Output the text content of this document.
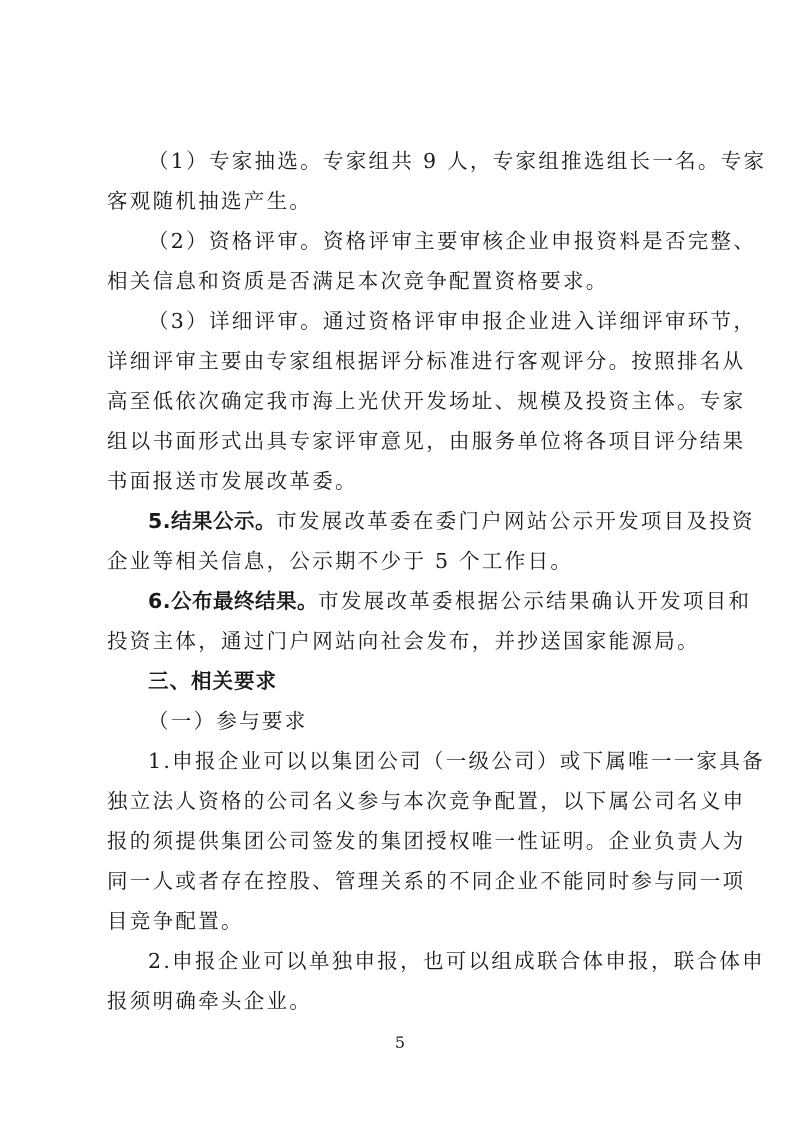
（1）专家抽选。专家组共 9 人，专家组推选组长一名。专家
客观随机抽选产生。
（2）资格评审。资格评审主要审核企业申报资料是否完整、
相关信息和资质是否满足本次竞争配置资格要求。
（3）详细评审。通过资格评审申报企业进入详细评审环节，
详细评审主要由专家组根据评分标准进行客观评分。按照排名从
高至低依次确定我市海上光伏开发场址、规模及投资主体。专家
组以书面形式出具专家评审意见，由服务单位将各项目评分结果
书面报送市发展改革委。
5.结果公示。市发展改革委在委门户网站公示开发项目及投资
企业等相关信息，公示期不少于 5 个工作日。
6.公布最终结果。市发展改革委根据公示结果确认开发项目和
投资主体，通过门户网站向社会发布，并抄送国家能源局。
三、相关要求
（一）参与要求
1.申报企业可以以集团公司（一级公司）或下属唯一一家具备
独立法人资格的公司名义参与本次竞争配置，以下属公司名义申
报的须提供集团公司签发的集团授权唯一性证明。企业负责人为
同一人或者存在控股、管理关系的不同企业不能同时参与同一项
目竞争配置。
2.申报企业可以单独申报，也可以组成联合体申报，联合体申
报须明确牵头企业。
5
